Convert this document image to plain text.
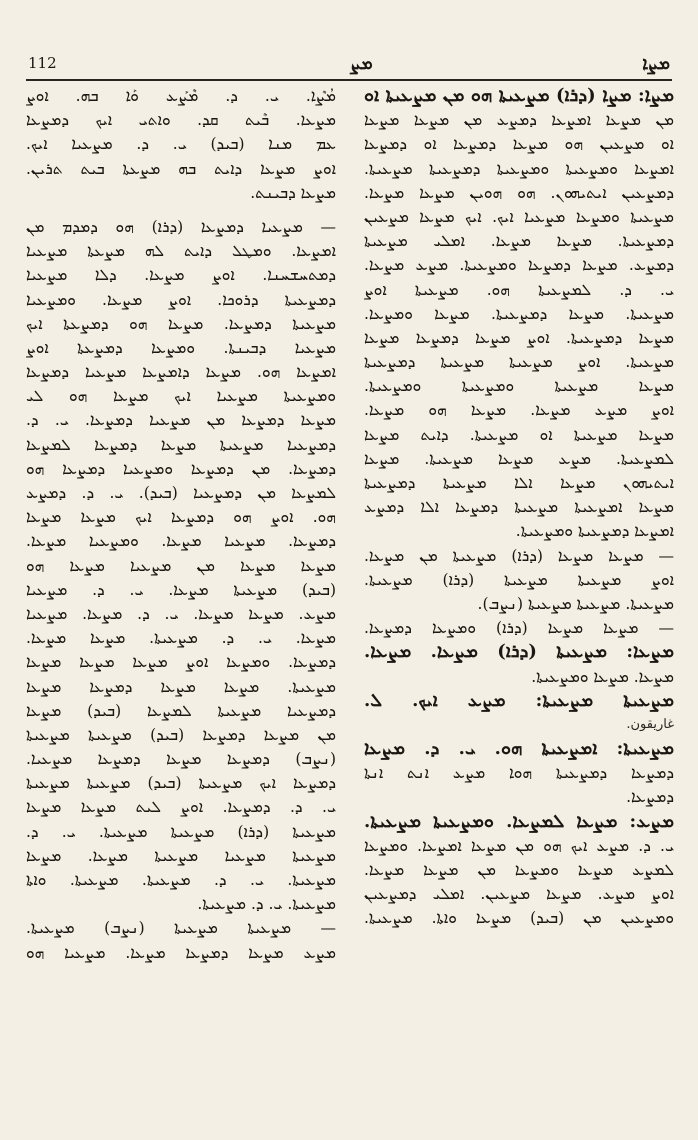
112	ܡܨ	ܡܨܐ
ܡܨܐ: ܡܨܐ (ܕܪܐ) ܡܨܥܝܬܐ ܗܘ ܡܢ ܡܨܥܝܬܐ ܐܘ
ܡܢ ܡܨܥܐ ܐܡܨܥܐ ܕܡܨܥ ܡܢ ܡܨܥܐ ܡܨܥܐ
ܐܘ ܡܨܥܝܢ ܗܘ ܡܨܥܐ ܕܡܨܥܐ ܐܘ ܕܡܨܥܐ
ܐܡܨܥܐ ܘܡܨܥܝܬܐ ܘܡܨܥܝܬܐ ܕܡܨܥܝܬܐ ܡܨܥܝܬܐ.
ܕܡܨܥܝܢ ܐܝܬܝܗܘܢ. ܗܘ ܗܘܝܢ ܡܨܥܐ ܡܨܥܐ.
ܡܨܥܝܬܐ ܘܡܨܥܐ ܡܨܥܝܐ ܐܝܟ. ܐܝܟ ܡܨܥܐ ܡܨܥܝܢ
ܕܡܨܥܝܬܐ. ܡܨܥܐ ܡܨܥܐ. ܐܡܠܝ ܡܨܥܝܬܐ
ܕܡܨܥ. ܡܨܥܐ ܕܡܨܥܐ ܘܡܨܥܝܬܐ. ܡܨܥ ܡܨܥܐ.
ܝ. ܕ. ܠܡܨܥܝܬܐ ܗܘ. ܡܨܥܝܬܐ ܐܘܨ
ܡܨܥܝܬܐ. ܡܨܥܐ ܕܡܨܥܝܬܐ. ܡܨܥܐ ܘܡܨܥܐ.
ܡܨܥܐ ܕܡܨܥܝܬܐ. ܐܘܨ ܡܨܥܐ ܕܡܨܥܐ ܡܨܥܐ
ܡܨܥܝܬܐ. ܐܘܨ ܡܨܥܝܬܐ ܡܨܥܝܬܐ ܕܡܨܥܝܬܐ
ܡܨܥܐ ܡܨܥܝܬܐ ܘܡܨܥܝܬܐ ܘܡܨܥܝܬܐ.
ܐܘܨ ܡܨܥ ܡܨܥܐ. ܡܨܥܐ ܗܘ ܡܨܥܐ.
ܡܨܥܐ ܡܨܥܝܬܐ ܐܘ ܡܨܥܝܬܐ. ܕܐܝܬ ܡܨܥܐ
ܠܡܨܥܝܬܐ. ܡܨܥ ܡܨܥܐ ܡܨܥܝܬܐ. ܡܨܥܐ
ܐܝܬܝܗܘܢ ܡܨܥܐ ܐܠܐ ܡܨܥܝܬܐ ܕܡܨܥܝܬܐ
ܡܨܥܐ ܐܡܨܥܝܬܐ ܡܨܥܝܬܐ ܕܡܨܥܐ ܐܠܐ ܕܡܨܥ
ܐܡܨܥܐ ܕܡܨܥܝܬܐ ܘܡܨܥܝܬܐ.
— ܡܨܥܐ ܡܨܥܐ (ܕܪܐ) ܡܨܥܝܬܐ ܡܢ ܡܨܥܐ.
ܐܘܨ ܡܨܥܝܬܐ ܡܨܥܝܬܐ (ܕܪܐ) ܡܨܥܝܬܐ.
ܡܨܥܝܬܐ. ܡܨܥܝܬܐ ܡܨܥܝܬܐ (ܢܨܒ).
— ܡܨܥܐ ܡܨܥܐ (ܕܪܐ) ܘܡܨܥܐ ܕܡܨܥܐ.
ܡܨܥܐ: ܡܨܥܝܬܐ (ܕܪܐ) ܡܨܥܐ. ܡܨܥܐ.
ܡܨܥܐ. ܡܨܥܐ ܘܡܨܥܝܬܐ.
ܡܨܥܝܬܐ ܡܨܥܝܬܐ: ܡܨܥ ܐܝܟ. ܠ.
غاريقون.
ܡܨܥܝܬܐ: ܐܡܨܥܝܬܐ ܗܘ. ܝ. ܕ. ܡܨܥܐ
ܕܡܨܥܐ ܕܡܨܥܝܬܐ ܗܘܐ ܡܨܥ ܐܢܬ ܐܢܬܐ
ܕܡܨܥܐ.
ܡܨܥ: ܡܨܥܐ ܠܡܨܥܐ. ܘܡܨܥܝܬܐ ܡܨܥܝܬܐ.
ܝ. ܕ. ܡܨܥ ܐܝܟ ܗܘ ܡܢ ܡܨܥܐ ܐܡܨܥܐ. ܘܡܨܥܐ
ܠܡܨܥ ܡܨܥܐ ܘܡܨܥܐ ܡܢ ܡܨܥܐ ܡܨܥܐ.
ܐܘܨ ܡܨܥ. ܡܨܥܐ ܡܨܥܝܢ. ܐܡܠܝ ܕܡܨܥܝܢ
ܘܡܨܥܝܢ ܡܢ (ܒܝܕ) ܡܨܥܐ ܘܐܬܐ. ܡܨܥܝܬܐ.
ܡܳܨܶܐ. ܝ. ܕ. ܡܶܨܰܥ ܘܰܐ ܒܗ. ܐܘܨ
ܡܨܥܐ. ܒܶܝܬ ܩܕ. ܘܐܬܝ ܐܝܟ ܕܡܨܥܐ
ܥܡ ܡܢܐ (ܒܝܕ) ܝ. ܕ. ܡܨܥܝܐ ܐܝܟ.
ܐܘܨ ܡܨܥܐ ܕܐܝܬ ܒܗ ܡܨܥܬܐ ܒܝܬ ܬܪܝܢ.
ܡܨܥܐ ܕܒܝܢܬ.
— ܡܨܥܝܐ ܕܡܨܥܐ (ܕܪܐ) ܗܘ ܕܡܕܡ ܡܢ
ܐܡܨܥܐ. ܘܡܛܠ ܕܐܝܬ ܠܗ ܡܨܥܬܐ ܡܨܥܝܐ
ܕܡܬܚܫܚܢܐ. ܐܘܨ ܡܨܥܐ. ܕܠܐ ܡܨܥܝܐ
ܕܡܨܥܝܬܐ ܕܪܘܟܐ. ܐܘܨ ܡܨܥܐ. ܘܡܨܥܝܐ
ܡܨܥܝܬܐ ܕܡܨܥܐ. ܡܨܥܐ ܗܘ ܕܡܨܥܬܐ ܐܝܟ
ܡܨܥܝܐ ܕܒܝܢܬܐ. ܘܡܨܥܐ ܕܡܨܥܬܐ ܐܘܨ
ܐܡܨܥܐ ܗܘ. ܡܨܥܐ ܕܐܡܨܥܐ ܡܨܥܝܐ ܕܡܨܥܐ
ܘܡܨܥܝܬܐ ܡܨܥܝܐ ܐܝܟ ܡܨܥܐ ܗܘ ܠܝ
ܡܨܥܐ ܕܡܨܥܐ ܡܢ ܡܨܥܝܐ ܕܡܨܥܐ. ܝ. ܕ.
ܕܡܨܥܝܐ ܡܨܥܝܬܐ ܡܨܥܐ ܕܡܨܥܐ ܠܡܨܥܐ
ܕܡܨܥܐ. ܡܢ ܕܡܨܥܐ ܘܡܨܥܝܐ ܕܡܨܥܐ ܗܘ
ܠܡܨܥܐ ܡܢ ܕܡܨܥܝܐ (ܒܝܕ). ܝ. ܕ. ܕܡܨܥ
ܗܘ. ܐܘܨ ܗܘ ܕܡܨܥܐ ܐܝܟ ܡܨܥܐ ܡܨܥܐ
ܕܡܨܥܐ. ܡܨܥܝܐ ܡܨܥܐ. ܘܡܨܥܝܐ ܡܨܥܐ.
ܡܨܥܐ ܡܨܥܐ ܡܢ ܡܨܥܝܐ ܡܨܥܐ ܗܘ
(ܒܝܕ) ܡܨܥܝܬܐ ܡܨܥܐ. ܝ. ܕ. ܡܨܥܝܐ
ܡܨܥ. ܡܨܥܐ ܡܨܥܐ. ܝ. ܕ. ܡܨܥܐ. ܡܨܥܝܐ
ܡܨܥܐ. ܝ. ܕ. ܡܨܥܝܬܐ. ܡܨܥܐ ܡܨܥܐ.
ܕܡܨܥܐ. ܘܡܨܥܐ ܐܘܨ ܡܨܥܐ ܡܨܥܐ ܡܨܥܐ
ܡܨܥܝܬܐ. ܡܨܥܐ ܡܨܥܐ ܕܡܨܥܐ ܡܨܥܐ
ܕܡܨܥܝܐ ܡܨܥܝܬܐ ܠܡܨܥܐ (ܒܝܕ) ܡܨܥܐ
ܡܢ ܡܨܥܐ ܕܡܨܥܐ (ܒܝܕ) ܡܨܥܝܬܐ ܡܨܥܝܬܐ
(ܢܨܒ) ܕܡܨܥܐ ܡܨܥܐ ܕܡܨܥܐ ܡܨܥܝܐ.
ܕܡܨܥܐ ܐܝܟ ܡܨܥܝܬܐ (ܒܝܕ) ܡܨܥܝܬܐ ܡܨܥܝܬܐ
ܝ. ܕ. ܕܡܨܥܐ. ܐܘܨ ܠܝܬ ܡܨܥܐ ܡܨܥܐ
ܡܨܥܝܬܐ (ܕܪܐ) ܡܨܥܝܬܐ ܡܨܥܝܬܐ. ܝ. ܕ.
ܡܨܥܝܬܐ ܡܨܥܝܐ ܡܨܥܝܬܐ ܡܨܥܐ. ܡܨܥܐ
ܡܨܥܝܬܐ. ܝ. ܕ. ܡܨܥܝܬܐ. ܡܨܥܝܬܐ. ܘܐܬܐ
ܡܨܥܝܬܐ. ܝ. ܕ. ܡܨܥܝܬܐ.
— ܡܨܥܝܬܐ ܡܨܥܝܬܐ (ܢܨܒ) ܡܨܥܝܬܐ.
ܡܨܥ ܡܨܥܐ ܕܡܨܥܐ ܡܨܥܐ. ܡܨܥܝܐ ܗܘ
